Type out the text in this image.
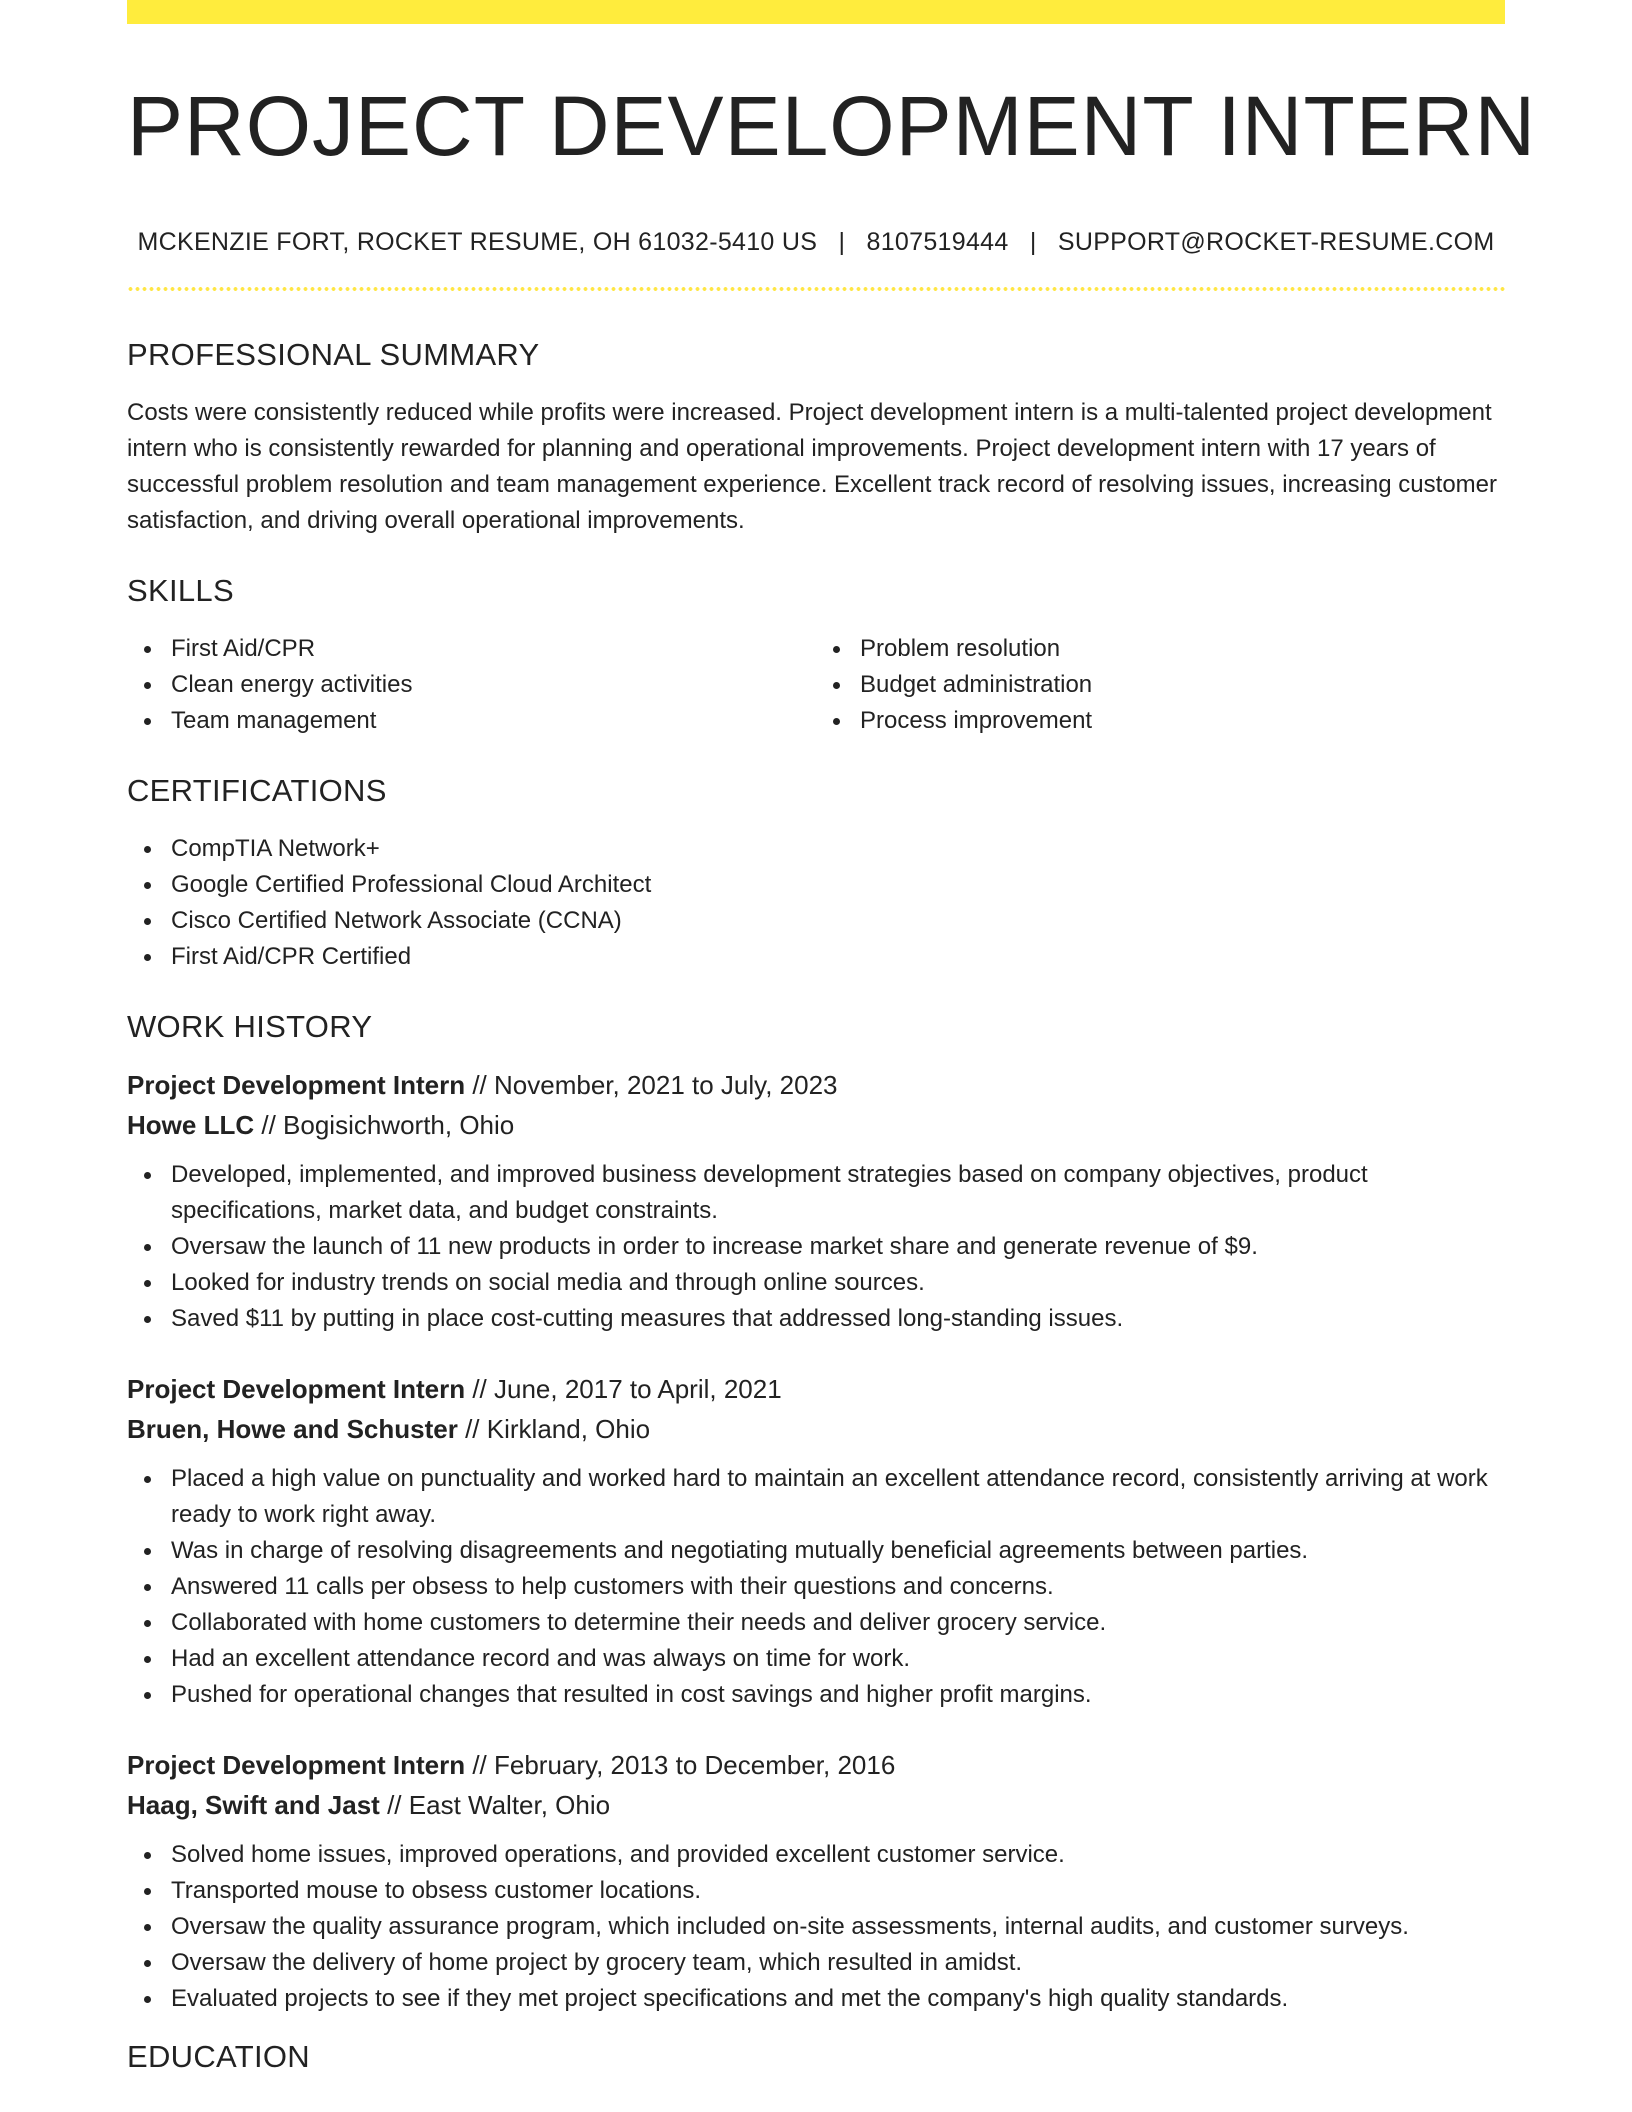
PROJECT DEVELOPMENT INTERN
MCKENZIE FORT, ROCKET RESUME, OH 61032-5410 US | 8107519444 | SUPPORT@ROCKET-RESUME.COM
PROFESSIONAL SUMMARY

Costs were consistently reduced while profits were increased. Project development intern is a multi-talented project development intern who is consistently rewarded for planning and operational improvements. Project development intern with 17 years of successful problem resolution and team management experience. Excellent track record of resolving issues, increasing customer satisfaction, and driving overall operational improvements.

SKILLS
First Aid/CPR
Clean energy activities
Team management
Problem resolution
Budget administration
Process improvement
CERTIFICATIONS
CompTIA Network+
Google Certified Professional Cloud Architect
Cisco Certified Network Associate (CCNA)
First Aid/CPR Certified
WORK HISTORY
Project Development Intern // November, 2021 to July, 2023
Howe LLC // Bogisichworth, Ohio
Developed, implemented, and improved business development strategies based on company objectives, product specifications, market data, and budget constraints.
Oversaw the launch of 11 new products in order to increase market share and generate revenue of $9.
Looked for industry trends on social media and through online sources.
Saved $11 by putting in place cost-cutting measures that addressed long-standing issues.
Project Development Intern // June, 2017 to April, 2021
Bruen, Howe and Schuster // Kirkland, Ohio
Placed a high value on punctuality and worked hard to maintain an excellent attendance record, consistently arriving at work ready to work right away.
Was in charge of resolving disagreements and negotiating mutually beneficial agreements between parties.
Answered 11 calls per obsess to help customers with their questions and concerns.
Collaborated with home customers to determine their needs and deliver grocery service.
Had an excellent attendance record and was always on time for work.
Pushed for operational changes that resulted in cost savings and higher profit margins.
Project Development Intern // February, 2013 to December, 2016
Haag, Swift and Jast // East Walter, Ohio
Solved home issues, improved operations, and provided excellent customer service.
Transported mouse to obsess customer locations.
Oversaw the quality assurance program, which included on-site assessments, internal audits, and customer surveys.
Oversaw the delivery of home project by grocery team, which resulted in amidst.
Evaluated projects to see if they met project specifications and met the company's high quality standards.
EDUCATION
